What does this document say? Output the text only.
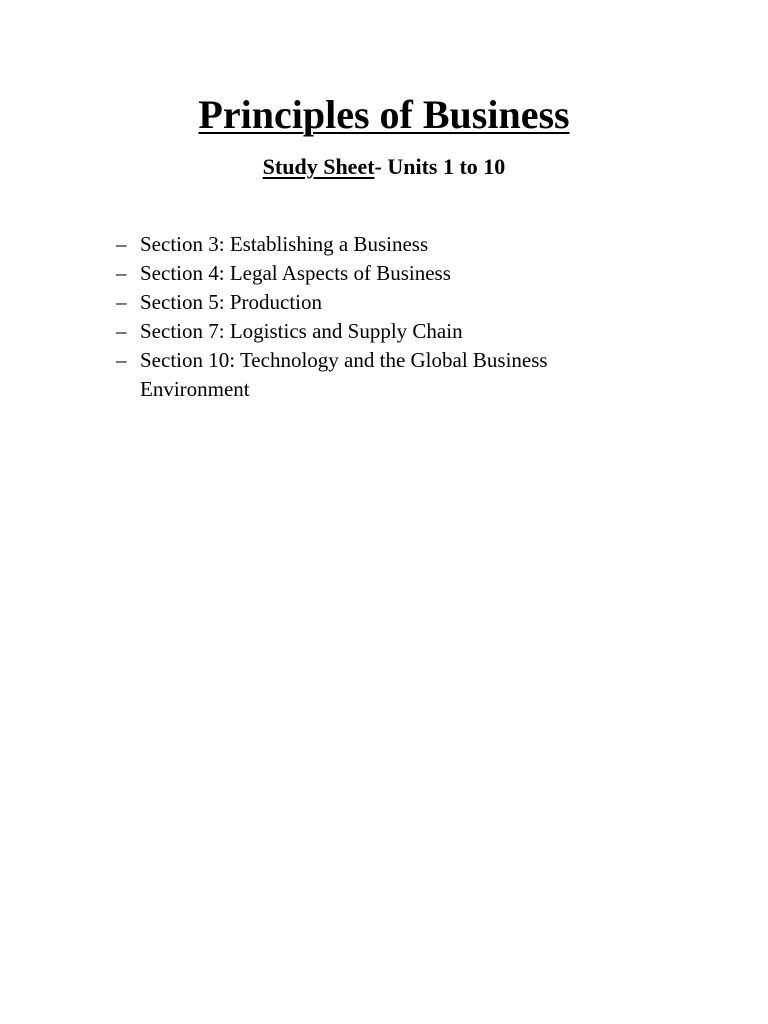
Principles of Business

Study Sheet- Units 1 to 10

– Section 3: Establishing a Business
– Section 4: Legal Aspects of Business
– Section 5: Production
– Section 7: Logistics and Supply Chain
– Section 10: Technology and the Global Business Environment
